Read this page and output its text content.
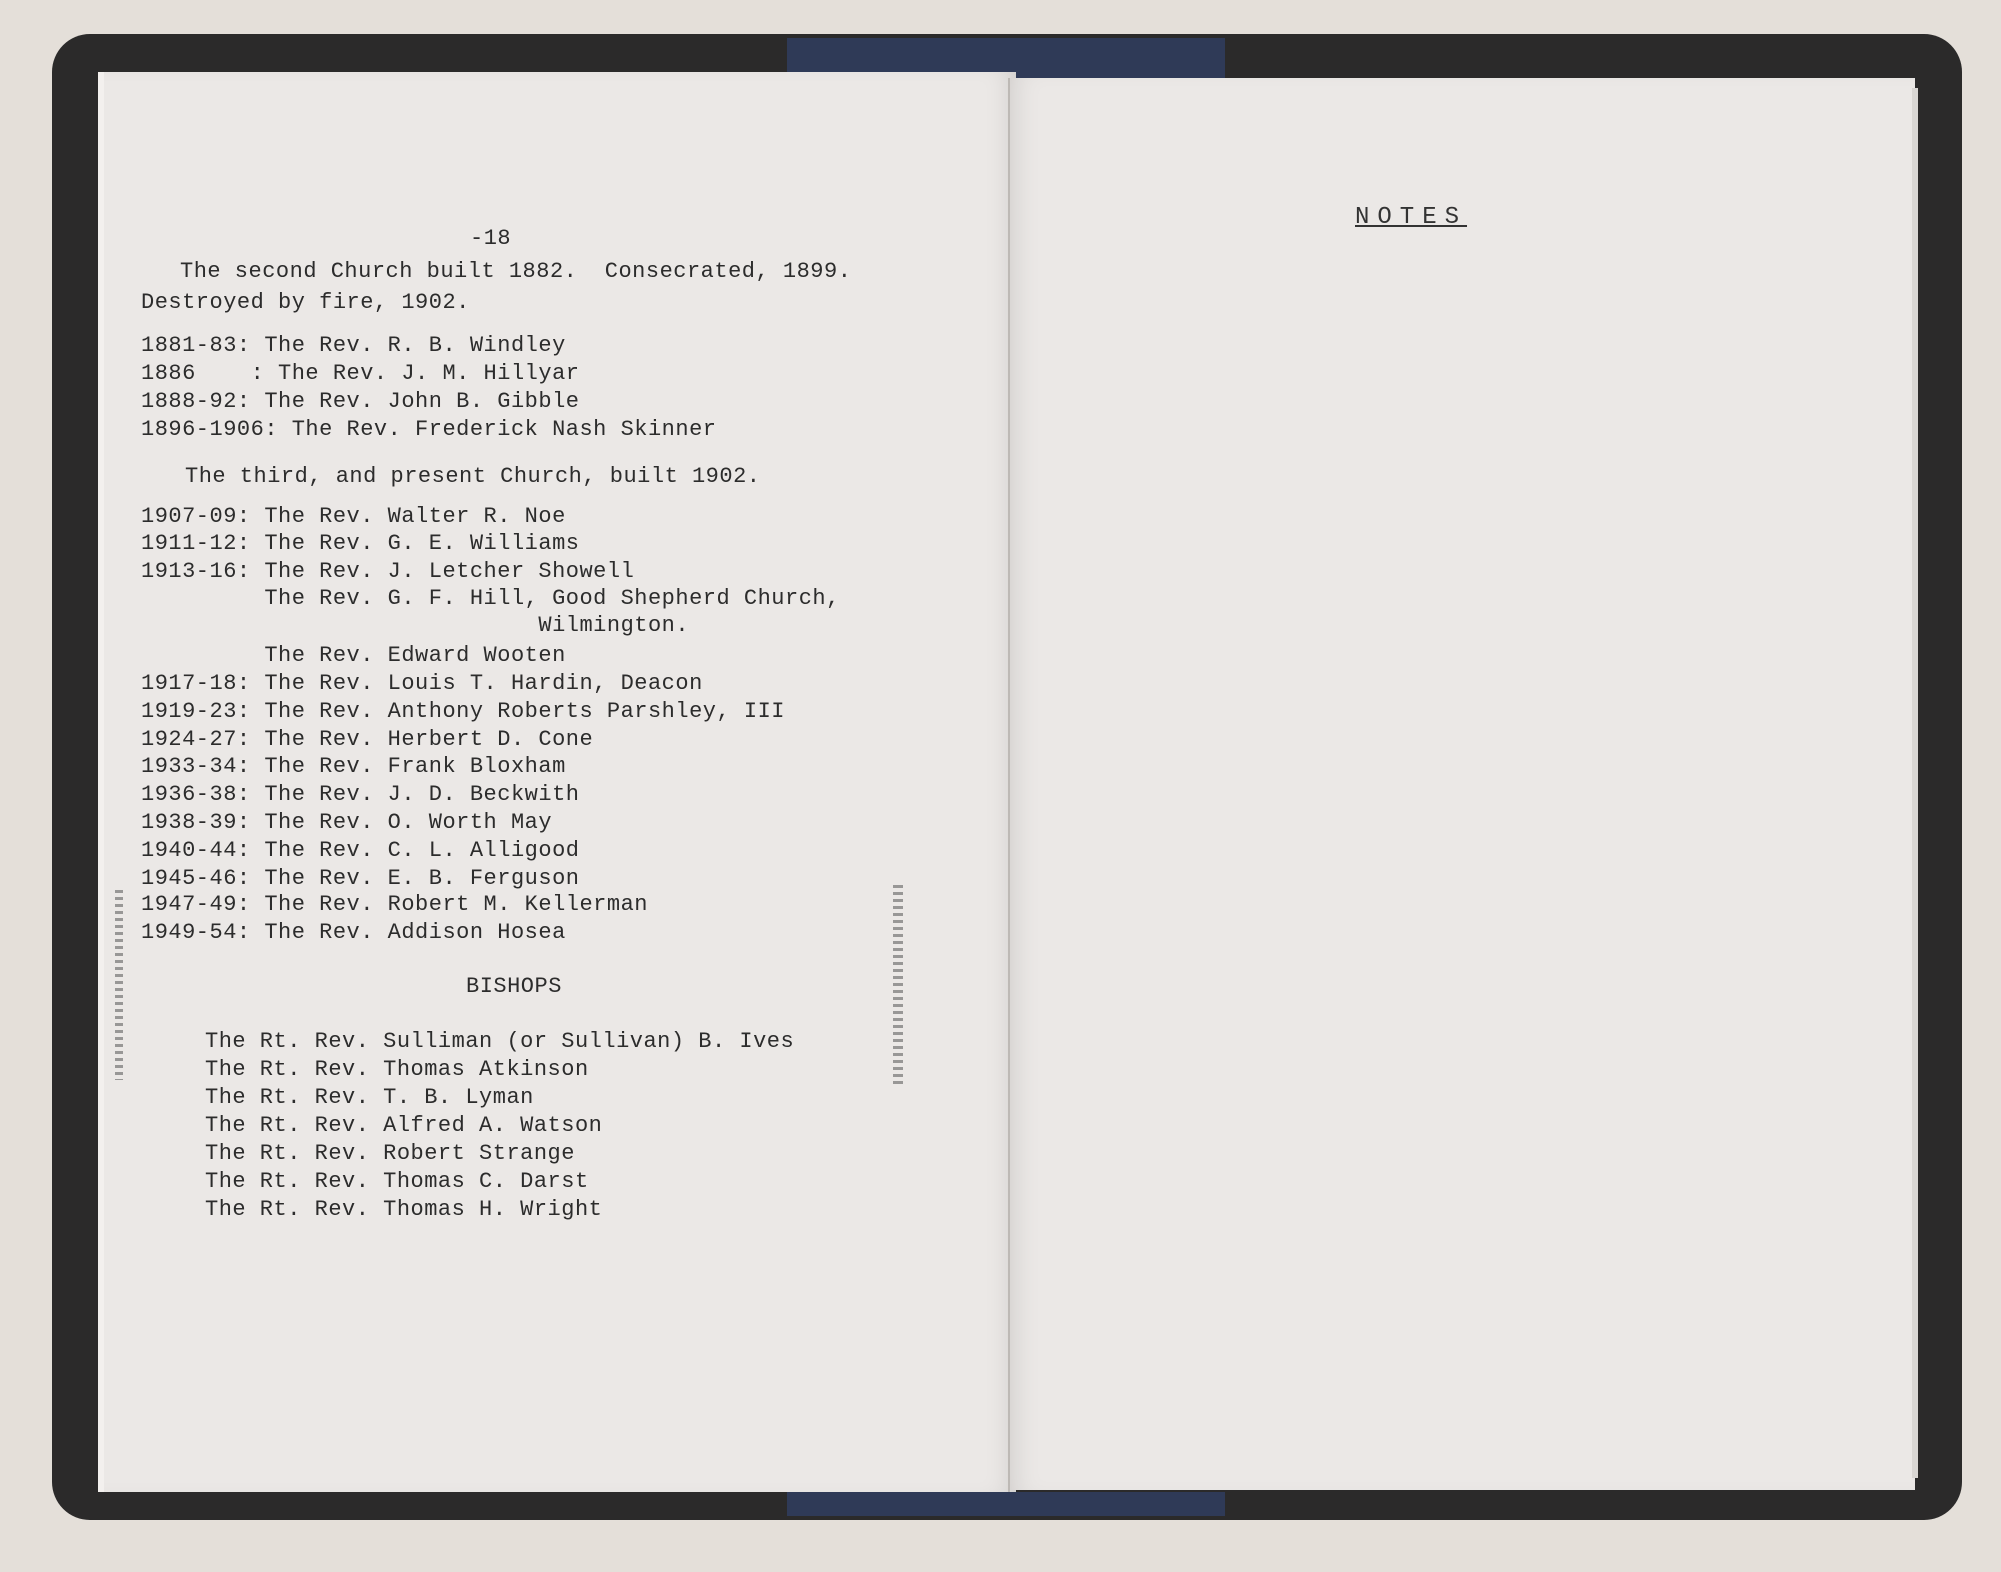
-18
The second Church built 1882.  Consecrated, 1899.
Destroyed by fire, 1902.
1881-83: The Rev. R. B. Windley
1886    : The Rev. J. M. Hillyar
1888-92: The Rev. John B. Gibble
1896-1906: The Rev. Frederick Nash Skinner
The third, and present Church, built 1902.
1907-09: The Rev. Walter R. Noe
1911-12: The Rev. G. E. Williams
1913-16: The Rev. J. Letcher Showell
The Rev. G. F. Hill, Good Shepherd Church,
Wilmington.
The Rev. Edward Wooten
1917-18: The Rev. Louis T. Hardin, Deacon
1919-23: The Rev. Anthony Roberts Parshley, III
1924-27: The Rev. Herbert D. Cone
1933-34: The Rev. Frank Bloxham
1936-38: The Rev. J. D. Beckwith
1938-39: The Rev. O. Worth May
1940-44: The Rev. C. L. Alligood
1945-46: The Rev. E. B. Ferguson
1947-49: The Rev. Robert M. Kellerman
1949-54: The Rev. Addison Hosea
BISHOPS
The Rt. Rev. Sulliman (or Sullivan) B. Ives
The Rt. Rev. Thomas Atkinson
The Rt. Rev. T. B. Lyman
The Rt. Rev. Alfred A. Watson
The Rt. Rev. Robert Strange
The Rt. Rev. Thomas C. Darst
The Rt. Rev. Thomas H. Wright
NOTES
